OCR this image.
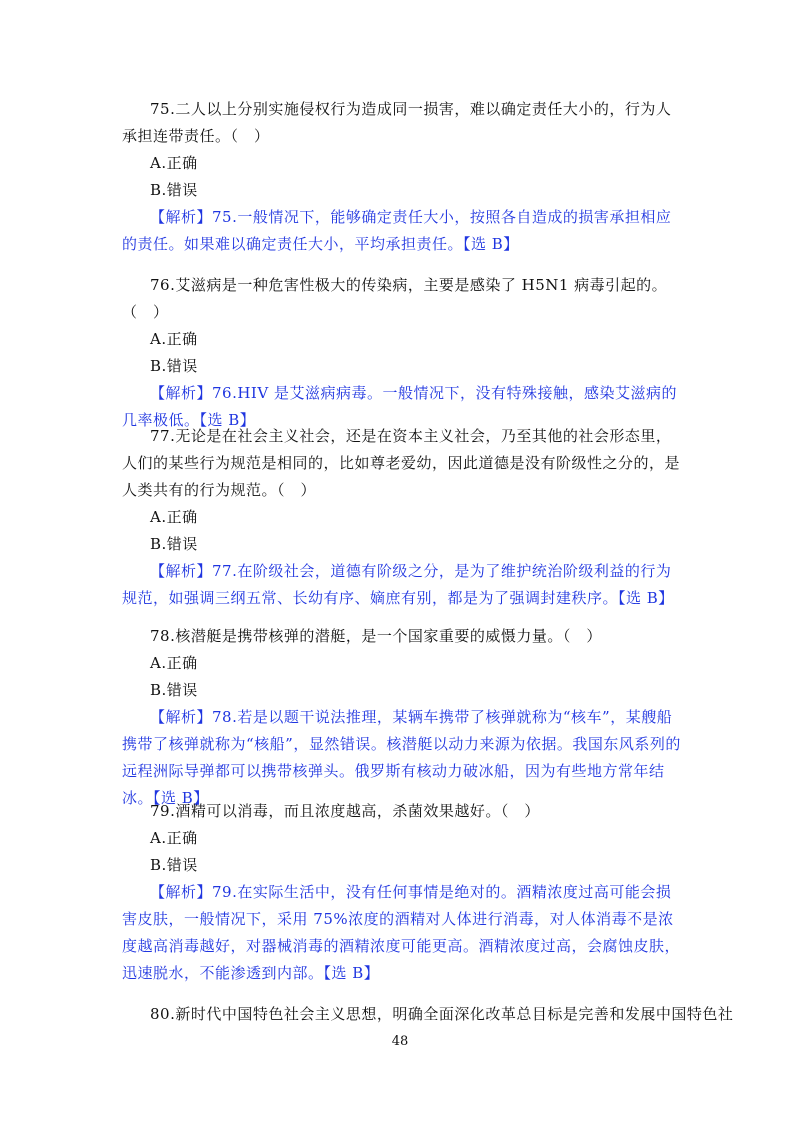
75.二人以上分别实施侵权行为造成同一损害，难以确定责任大小的，行为人承担连带责任。（　）
A.正确
B.错误
【解析】75.一般情况下，能够确定责任大小，按照各自造成的损害承担相应的责任。如果难以确定责任大小，平均承担责任。【选 B】
76.艾滋病是一种危害性极大的传染病，主要是感染了 H5N1 病毒引起的。（　）
A.正确
B.错误
【解析】76.HIV 是艾滋病病毒。一般情况下，没有特殊接触，感染艾滋病的几率极低。【选 B】
77.无论是在社会主义社会，还是在资本主义社会，乃至其他的社会形态里，人们的某些行为规范是相同的，比如尊老爱幼，因此道德是没有阶级性之分的，是人类共有的行为规范。（　）
A.正确
B.错误
【解析】77.在阶级社会，道德有阶级之分，是为了维护统治阶级利益的行为规范，如强调三纲五常、长幼有序、嫡庶有别，都是为了强调封建秩序。【选 B】
78.核潜艇是携带核弹的潜艇，是一个国家重要的威慑力量。（　）
A.正确
B.错误
【解析】78.若是以题干说法推理，某辆车携带了核弹就称为“核车”，某艘船携带了核弹就称为“核船”，显然错误。核潜艇以动力来源为依据。我国东风系列的远程洲际导弹都可以携带核弹头。俄罗斯有核动力破冰船，因为有些地方常年结冰。【选 B】
79.酒精可以消毒，而且浓度越高，杀菌效果越好。（　）
A.正确
B.错误
【解析】79.在实际生活中，没有任何事情是绝对的。酒精浓度过高可能会损害皮肤，一般情况下，采用 75%浓度的酒精对人体进行消毒，对人体消毒不是浓度越高消毒越好，对器械消毒的酒精浓度可能更高。酒精浓度过高，会腐蚀皮肤，迅速脱水，不能渗透到内部。【选 B】
80.新时代中国特色社会主义思想，明确全面深化改革总目标是完善和发展中国特色社
48
